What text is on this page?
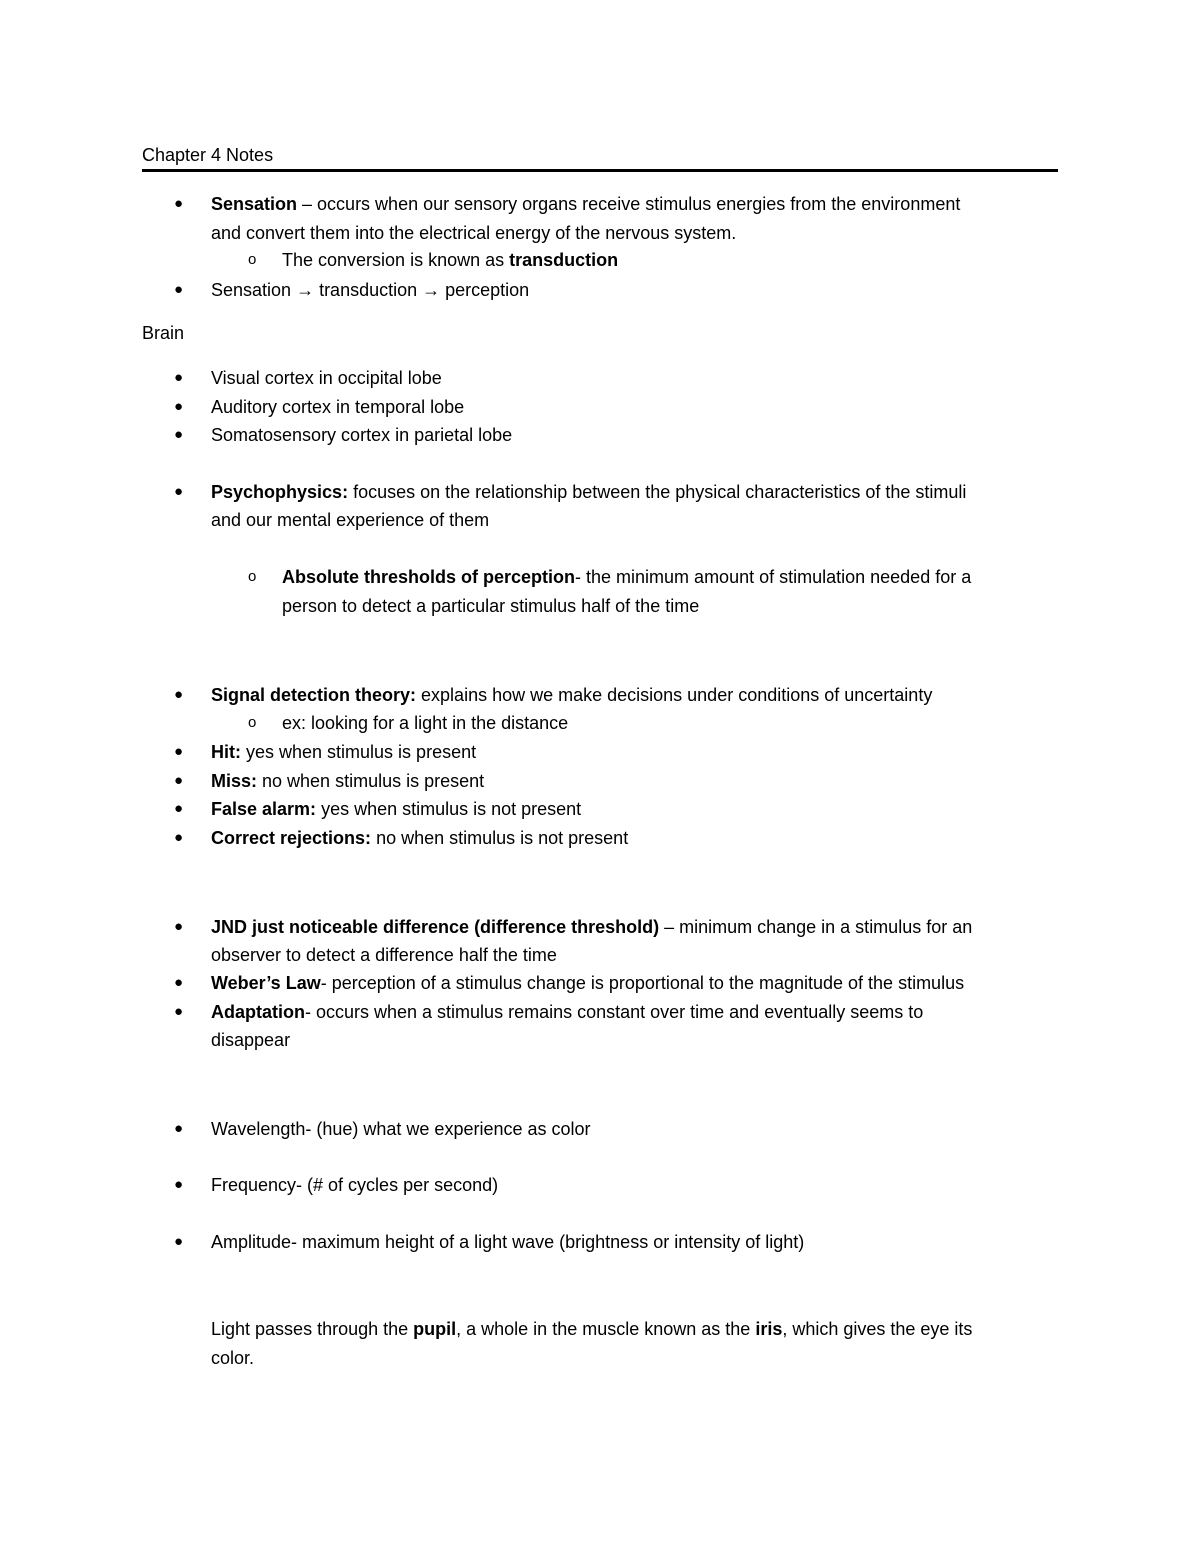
Chapter 4 Notes
● Sensation – occurs when our sensory organs receive stimulus energies from the environment
and convert them into the electrical energy of the nervous system.
o The conversion is known as transduction
● Sensation → transduction → perception
Brain
● Visual cortex in occipital lobe
● Auditory cortex in temporal lobe
● Somatosensory cortex in parietal lobe
● Psychophysics: focuses on the relationship between the physical characteristics of the stimuli
and our mental experience of them
o Absolute thresholds of perception- the minimum amount of stimulation needed for a
person to detect a particular stimulus half of the time
● Signal detection theory: explains how we make decisions under conditions of uncertainty
o ex: looking for a light in the distance
● Hit: yes when stimulus is present
● Miss: no when stimulus is present
● False alarm: yes when stimulus is not present
● Correct rejections: no when stimulus is not present
● JND just noticeable difference (difference threshold) – minimum change in a stimulus for an
observer to detect a difference half the time
● Weber’s Law- perception of a stimulus change is proportional to the magnitude of the stimulus
● Adaptation- occurs when a stimulus remains constant over time and eventually seems to
disappear
● Wavelength- (hue) what we experience as color
● Frequency- (# of cycles per second)
● Amplitude- maximum height of a light wave (brightness or intensity of light)
Light passes through the pupil, a whole in the muscle known as the iris, which gives the eye its
color.
